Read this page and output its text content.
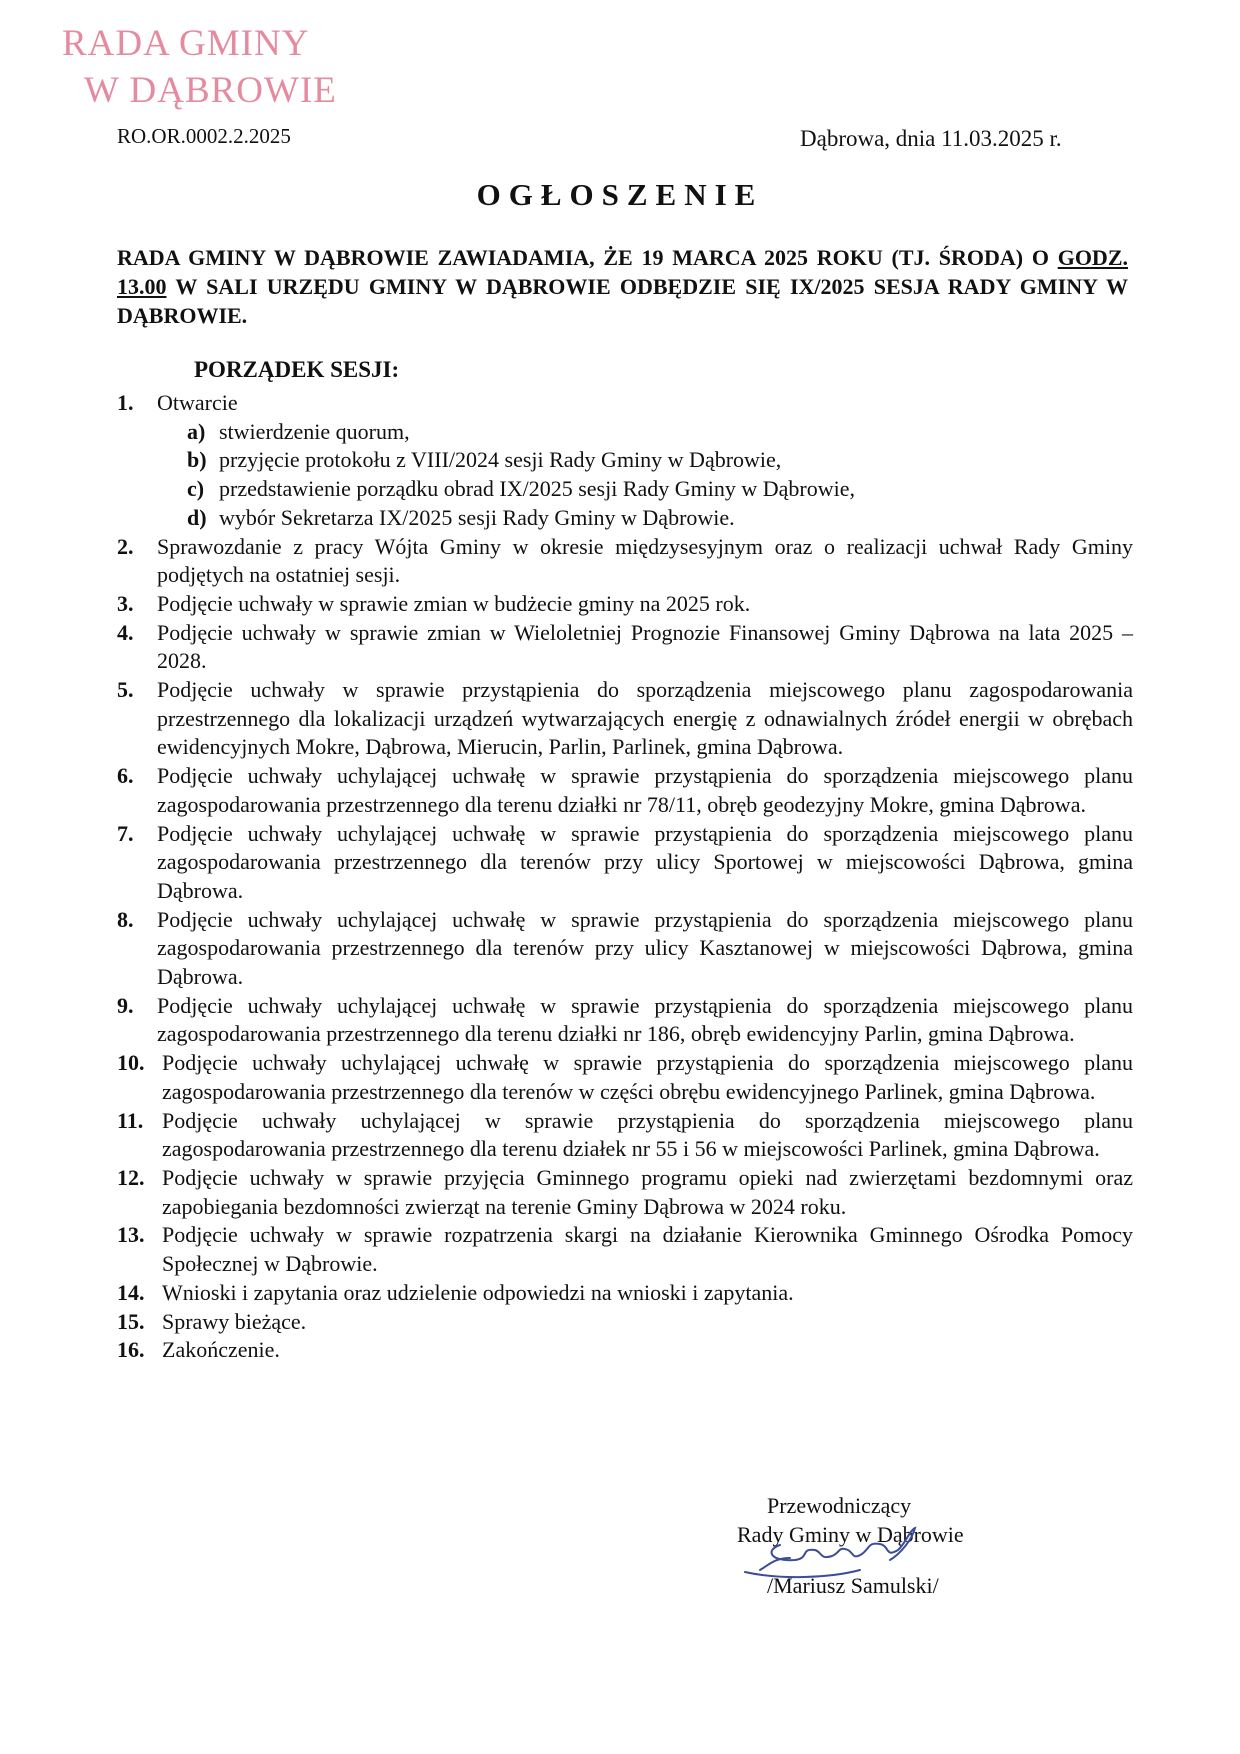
RADA GMINY
W DĄBROWIE
RO.OR.0002.2.2025	Dąbrowa, dnia 11.03.2025 r.
OGŁOSZENIE
RADA GMINY W DĄBROWIE ZAWIADAMIA, ŻE 19 MARCA 2025 ROKU (TJ. ŚRODA) O GODZ. 13.00 W SALI URZĘDU GMINY W DĄBROWIE ODBĘDZIE SIĘ IX/2025 SESJA RADY GMINY W DĄBROWIE.
PORZĄDEK SESJI:
1. Otwarcie
a) stwierdzenie quorum,
b) przyjęcie protokołu z VIII/2024 sesji Rady Gminy w Dąbrowie,
c) przedstawienie porządku obrad IX/2025 sesji Rady Gminy w Dąbrowie,
d) wybór Sekretarza IX/2025 sesji Rady Gminy w Dąbrowie.
2. Sprawozdanie z pracy Wójta Gminy w okresie międzysesyjnym oraz o realizacji uchwał Rady Gminy podjętych na ostatniej sesji.
3. Podjęcie uchwały w sprawie zmian w budżecie gminy na 2025 rok.
4. Podjęcie uchwały w sprawie zmian w Wieloletniej Prognozie Finansowej Gminy Dąbrowa na lata 2025 – 2028.
5. Podjęcie uchwały w sprawie przystąpienia do sporządzenia miejscowego planu zagospodarowania przestrzennego dla lokalizacji urządzeń wytwarzających energię z odnawialnych źródeł energii w obrębach ewidencyjnych Mokre, Dąbrowa, Mierucin, Parlin, Parlinek, gmina Dąbrowa.
6. Podjęcie uchwały uchylającej uchwałę w sprawie przystąpienia do sporządzenia miejscowego planu zagospodarowania przestrzennego dla terenu działki nr 78/11, obręb geodezyjny Mokre, gmina Dąbrowa.
7. Podjęcie uchwały uchylającej uchwałę w sprawie przystąpienia do sporządzenia miejscowego planu zagospodarowania przestrzennego dla terenów przy ulicy Sportowej w miejscowości Dąbrowa, gmina Dąbrowa.
8. Podjęcie uchwały uchylającej uchwałę w sprawie przystąpienia do sporządzenia miejscowego planu zagospodarowania przestrzennego dla terenów przy ulicy Kasztanowej w miejscowości Dąbrowa, gmina Dąbrowa.
9. Podjęcie uchwały uchylającej uchwałę w sprawie przystąpienia do sporządzenia miejscowego planu zagospodarowania przestrzennego dla terenu działki nr 186, obręb ewidencyjny Parlin, gmina Dąbrowa.
10. Podjęcie uchwały uchylającej uchwałę w sprawie przystąpienia do sporządzenia miejscowego planu zagospodarowania przestrzennego dla terenów w części obrębu ewidencyjnego Parlinek, gmina Dąbrowa.
11. Podjęcie uchwały uchylającej w sprawie przystąpienia do sporządzenia miejscowego planu zagospodarowania przestrzennego dla terenu działek nr 55 i 56 w miejscowości Parlinek, gmina Dąbrowa.
12. Podjęcie uchwały w sprawie przyjęcia Gminnego programu opieki nad zwierzętami bezdomnymi oraz zapobiegania bezdomności zwierząt na terenie Gminy Dąbrowa w 2024 roku.
13. Podjęcie uchwały w sprawie rozpatrzenia skargi na działanie Kierownika Gminnego Ośrodka Pomocy Społecznej w Dąbrowie.
14. Wnioski i zapytania oraz udzielenie odpowiedzi na wnioski i zapytania.
15. Sprawy bieżące.
16. Zakończenie.
Przewodniczący
Rady Gminy w Dąbrowie
/Mariusz Samulski/
